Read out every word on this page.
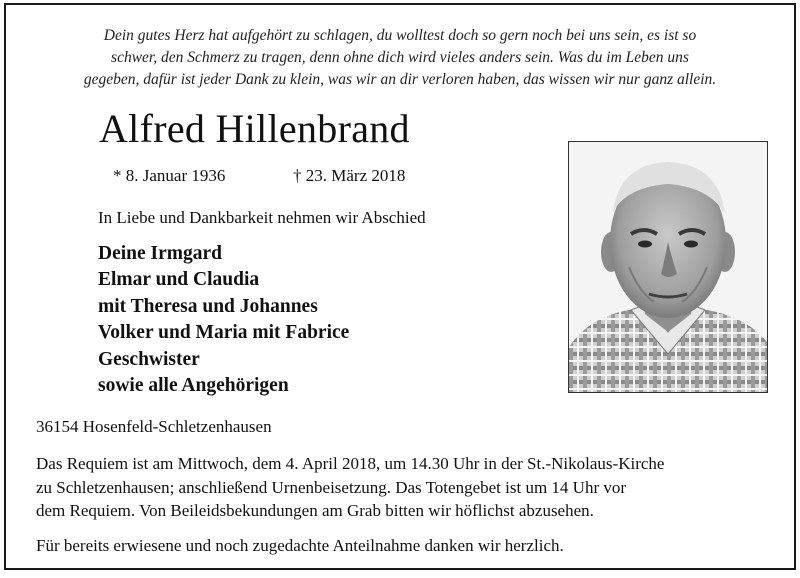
Dein gutes Herz hat aufgehört zu schlagen, du wolltest doch so gern noch bei uns sein, es ist so
schwer, den Schmerz zu tragen, denn ohne dich wird vieles anders sein. Was du im Leben uns
gegeben, dafür ist jeder Dank zu klein, was wir an dir verloren haben, das wissen wir nur ganz allein.
Alfred Hillenbrand
* 8. Januar 1936	† 23. März 2018
In Liebe und Dankbarkeit nehmen wir Abschied
Deine Irmgard
Elmar und Claudia
mit Theresa und Johannes
Volker und Maria mit Fabrice
Geschwister
sowie alle Angehörigen
36154 Hosenfeld-Schletzenhausen
Das Requiem ist am Mittwoch, dem 4. April 2018, um 14.30 Uhr in der St.-Nikolaus-Kirche
zu Schletzenhausen; anschließend Urnenbeisetzung. Das Totengebet ist um 14 Uhr vor
dem Requiem. Von Beileidsbekundungen am Grab bitten wir höflichst abzusehen.
Für bereits erwiesene und noch zugedachte Anteilnahme danken wir herzlich.
